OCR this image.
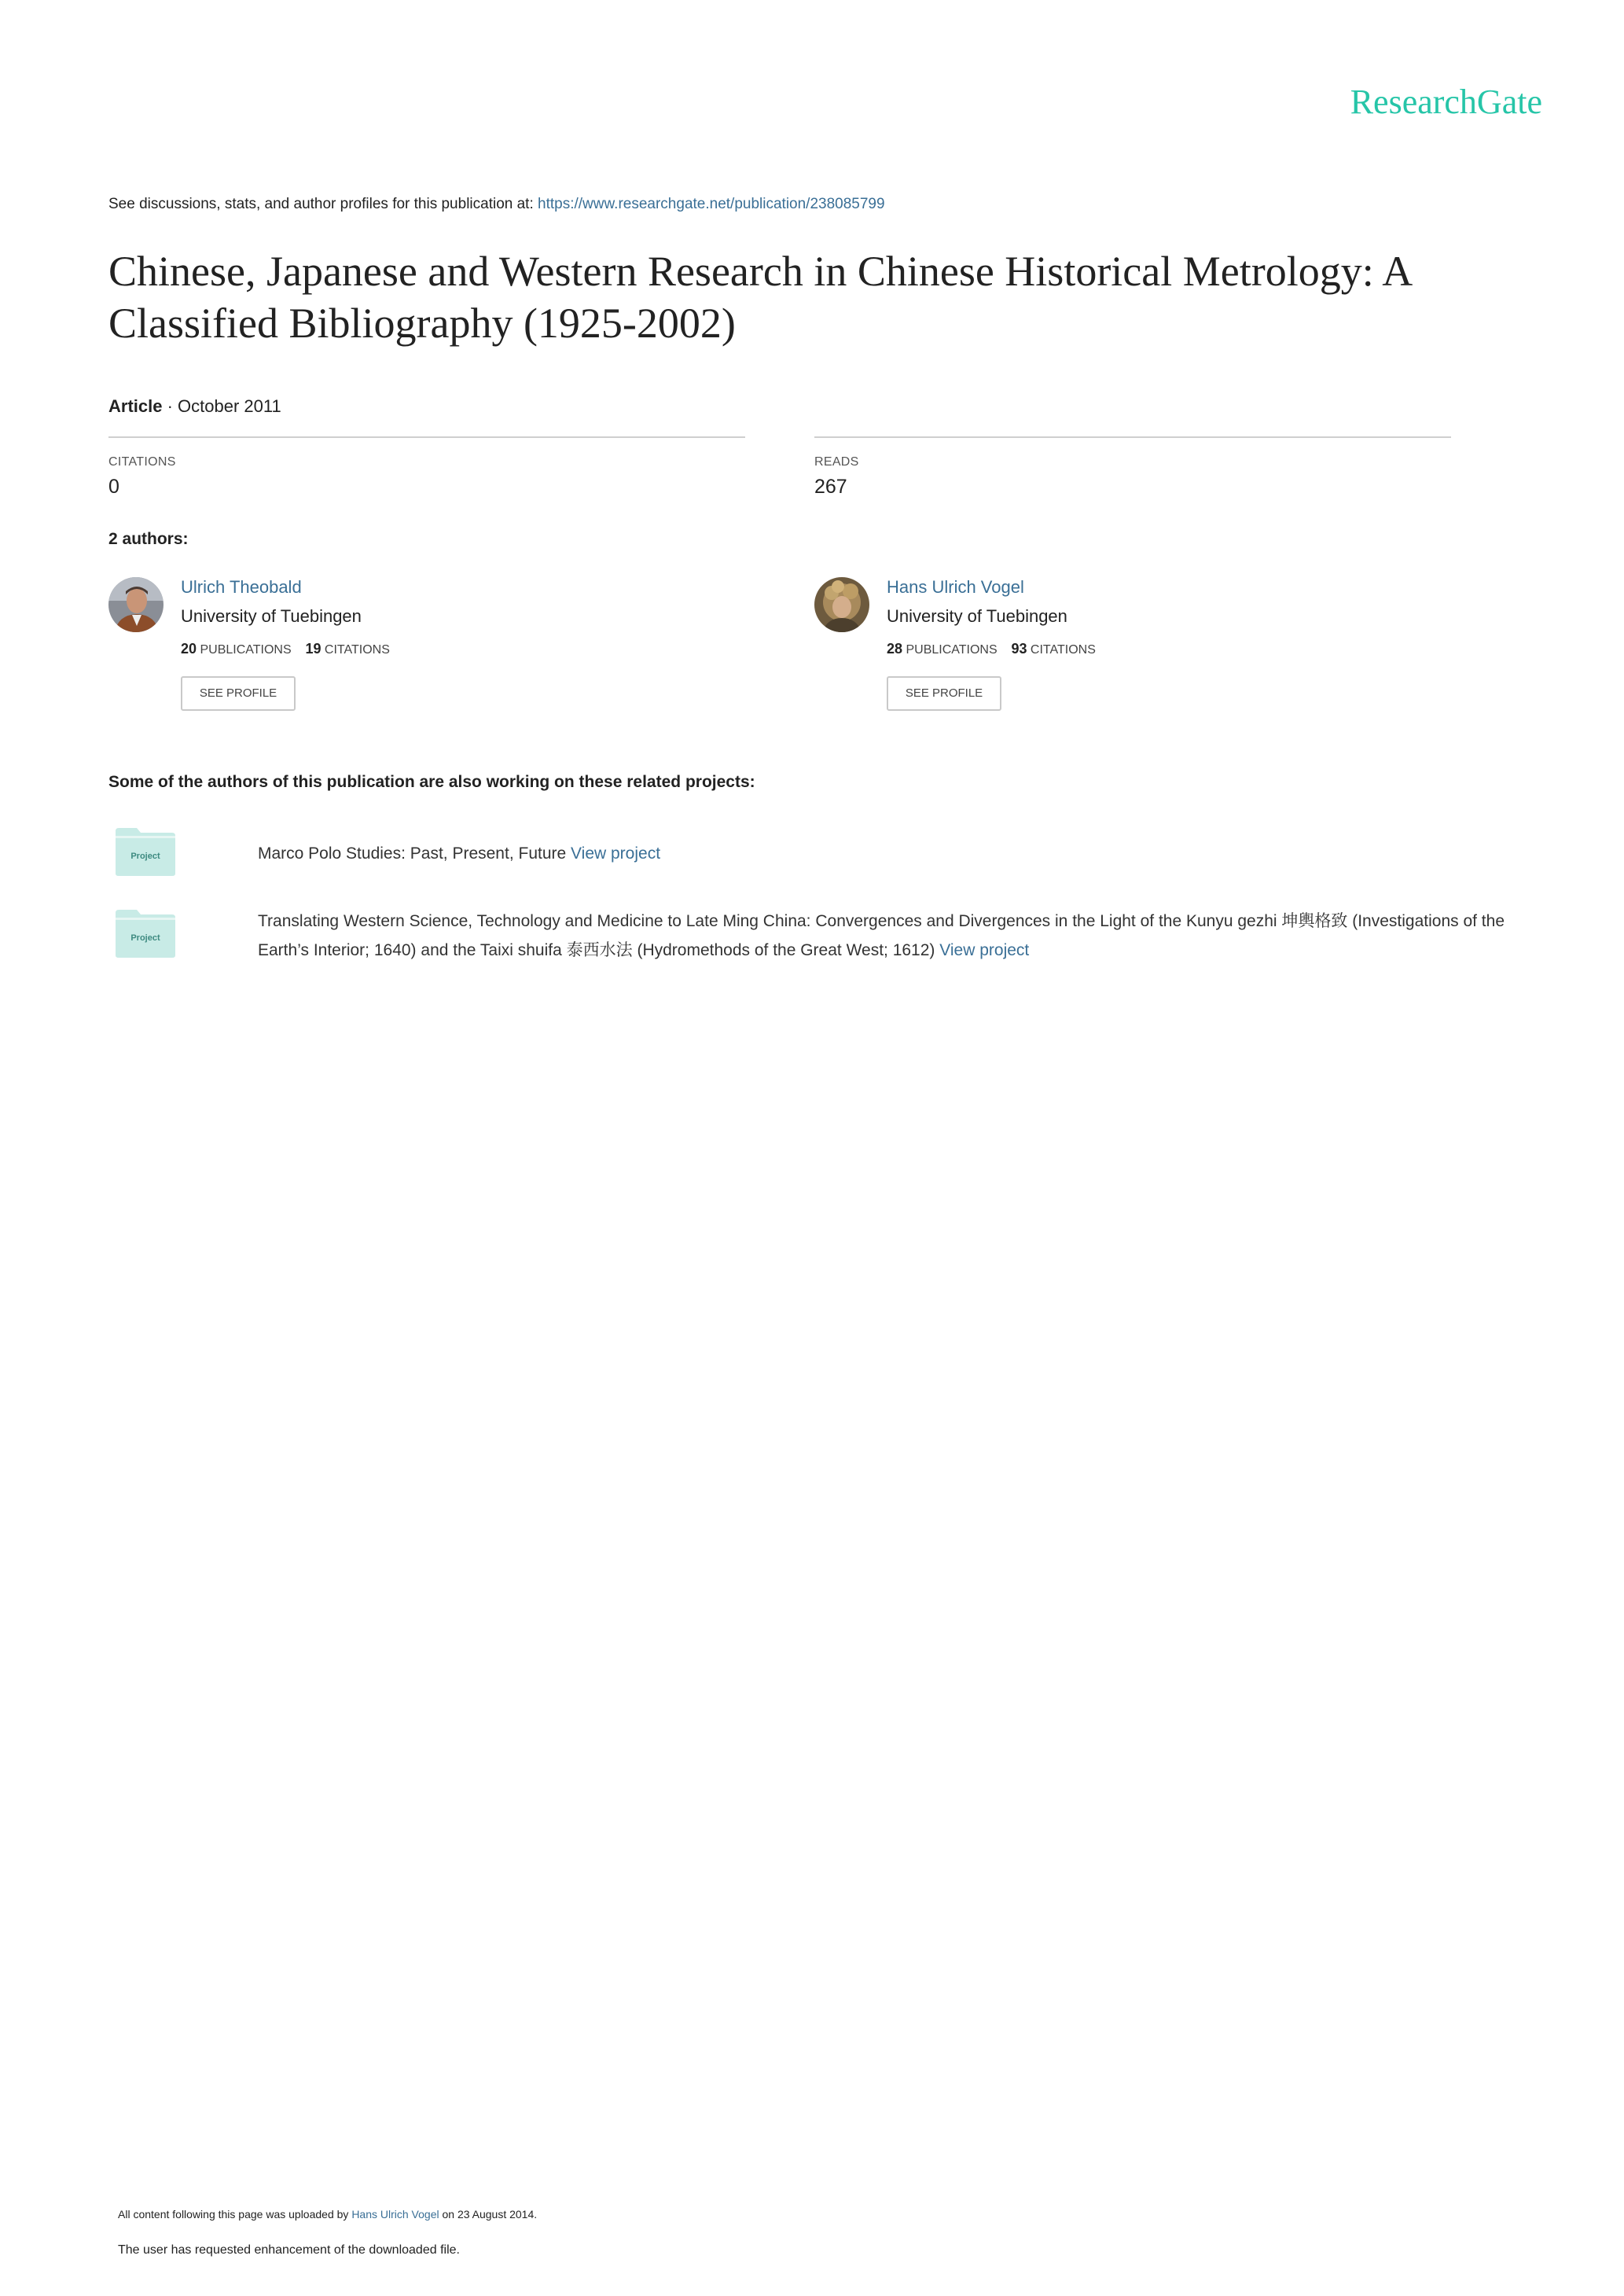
ResearchGate
See discussions, stats, and author profiles for this publication at: https://www.researchgate.net/publication/238085799
Chinese, Japanese and Western Research in Chinese Historical Metrology: A Classified Bibliography (1925-2002)
Article · October 2011
CITATIONS
0
READS
267
2 authors:
Ulrich Theobald
University of Tuebingen
20 PUBLICATIONS 19 CITATIONS
SEE PROFILE
Hans Ulrich Vogel
University of Tuebingen
28 PUBLICATIONS 93 CITATIONS
SEE PROFILE
Some of the authors of this publication are also working on these related projects:
Project	Marco Polo Studies: Past, Present, Future View project
Project
Translating Western Science, Technology and Medicine to Late Ming China: Convergences and Divergences in the Light of the Kunyu gezhi 坤輿格致 (Investigations of the Earth’s Interior; 1640) and the Taixi shuifa 泰西水法 (Hydromethods of the Great West; 1612) View project
All content following this page was uploaded by Hans Ulrich Vogel on 23 August 2014.
The user has requested enhancement of the downloaded file.
